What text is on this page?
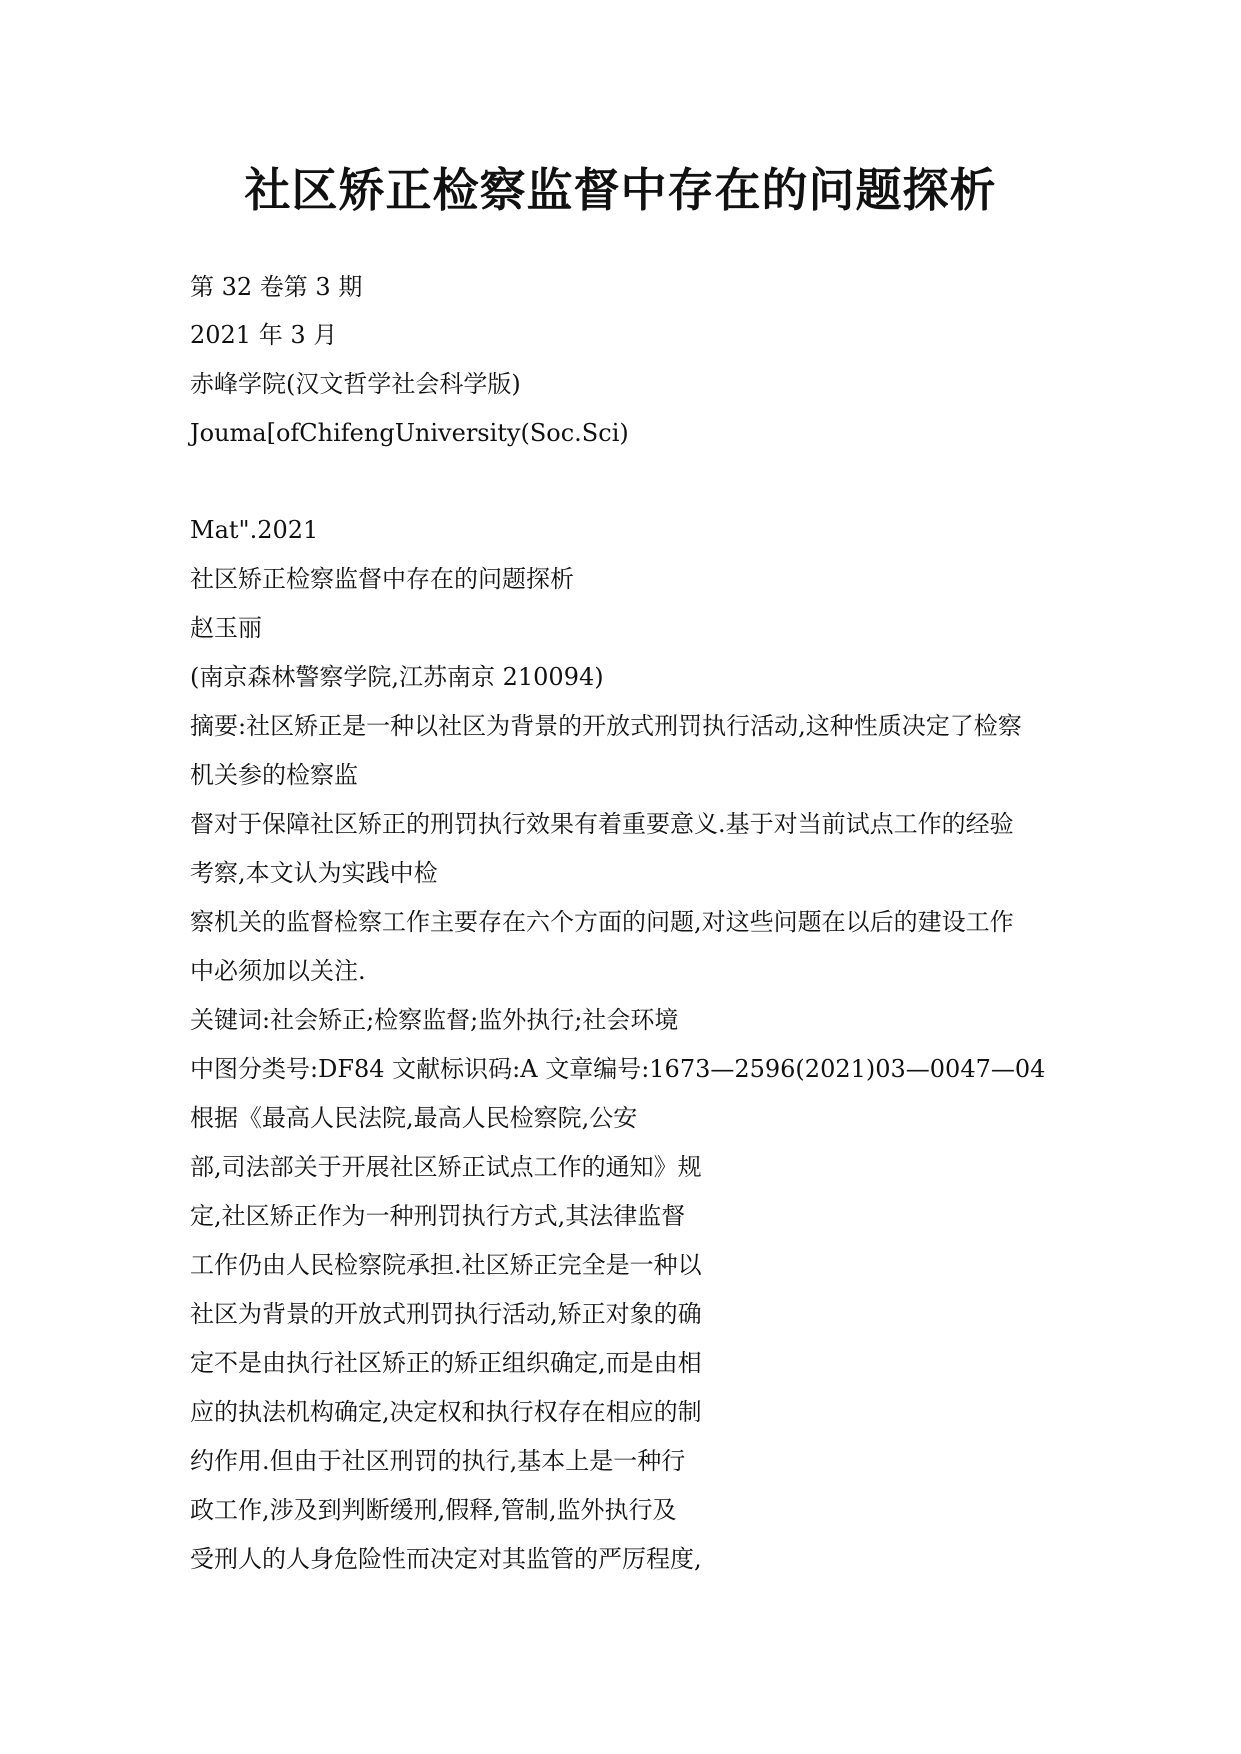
社区矫正检察监督中存在的问题探析
第 32 卷第 3 期
2021 年 3 月
赤峰学院(汉文哲学社会科学版)
Jouma[ofChifengUniversity(Soc.Sci)
Mat".2021
社区矫正检察监督中存在的问题探析
赵玉丽
(南京森林警察学院,江苏南京 210094)
摘要:社区矫正是一种以社区为背景的开放式刑罚执行活动,这种性质决定了检察
机关参的检察监
督对于保障社区矫正的刑罚执行效果有着重要意义.基于对当前试点工作的经验
考察,本文认为实践中检
察机关的监督检察工作主要存在六个方面的问题,对这些问题在以后的建设工作
中必须加以关注.
关键词:社会矫正;检察监督;监外执行;社会环境
中图分类号:DF84 文献标识码:A 文章编号:1673—2596(2021)03—0047—04
根据《最高人民法院,最高人民检察院,公安
部,司法部关于开展社区矫正试点工作的通知》规
定,社区矫正作为一种刑罚执行方式,其法律监督
工作仍由人民检察院承担.社区矫正完全是一种以
社区为背景的开放式刑罚执行活动,矫正对象的确
定不是由执行社区矫正的矫正组织确定,而是由相
应的执法机构确定,决定权和执行权存在相应的制
约作用.但由于社区刑罚的执行,基本上是一种行
政工作,涉及到判断缓刑,假释,管制,监外执行及
受刑人的人身危险性而决定对其监管的严厉程度,
